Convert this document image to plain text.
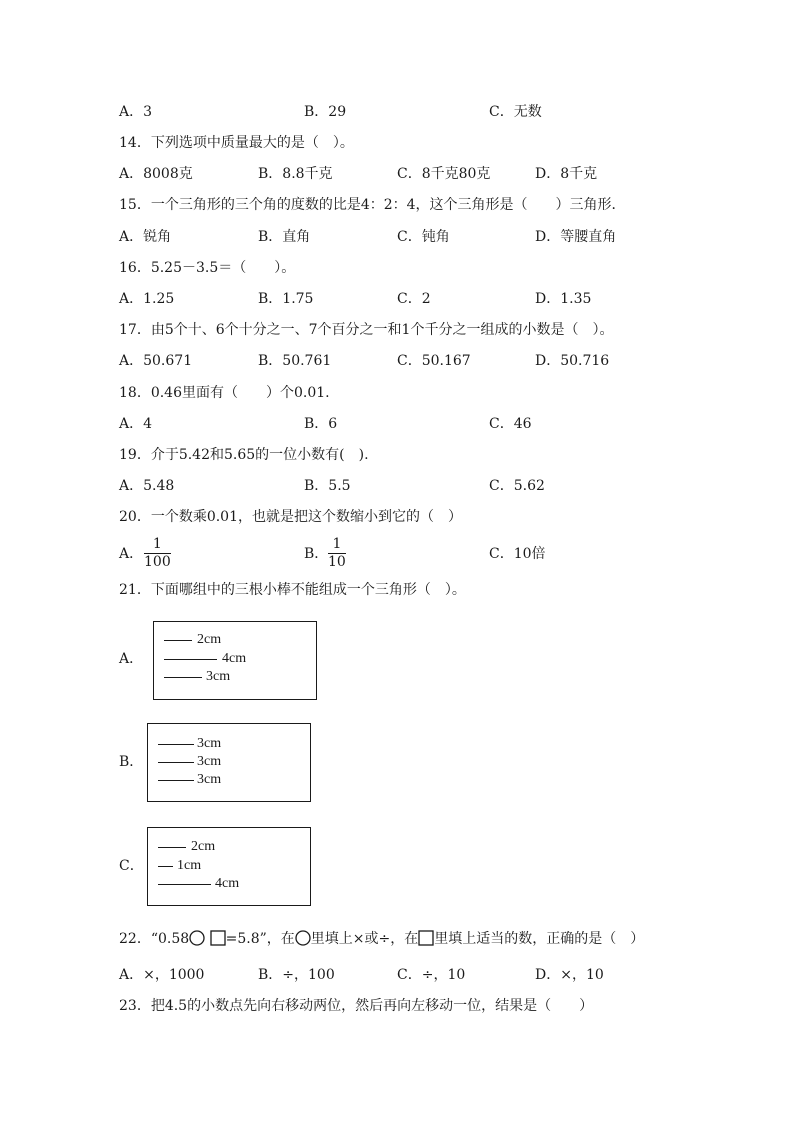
A．3	B．29	C．无数
14．下列选项中质量最大的是（　）。
A．8008克	B．8.8千克	C．8千克80克	D．8千克
15．一个三角形的三个角的度数的比是4：2：4，这个三角形是（　　）三角形．
A．锐角	B．直角	C．钝角	D．等腰直角
16．5.25－3.5＝（　　）。
A．1.25	B．1.75	C．2	D．1.35
17．由5个十、6个十分之一、7个百分之一和1个千分之一组成的小数是（　）。
A．50.671	B．50.761	C．50.167	D．50.716
18．0.46里面有（　　）个0.01.
A．4	B．6	C．46
19．介于5.42和5.65的一位小数有(　).
A．5.48	B．5.5	C．5.62
20．一个数乘0.01，也就是把这个数缩小到它的（　）
A．
1
100	B．
1
10	C．10倍
21．下面哪组中的三根小棒不能组成一个三角形（　）。
A．
2cm
4cm
3cm
B．
3cm
3cm
3cm
C．
2cm
1cm
4cm
22．“0.58	=5.8”，在 里填上×或÷，在 里填上适当的数，正确的是（　）
A．×，1000	B．÷，100	C．÷，10	D．×，10
23．把4.5的小数点先向右移动两位，然后再向左移动一位，结果是（　　）
